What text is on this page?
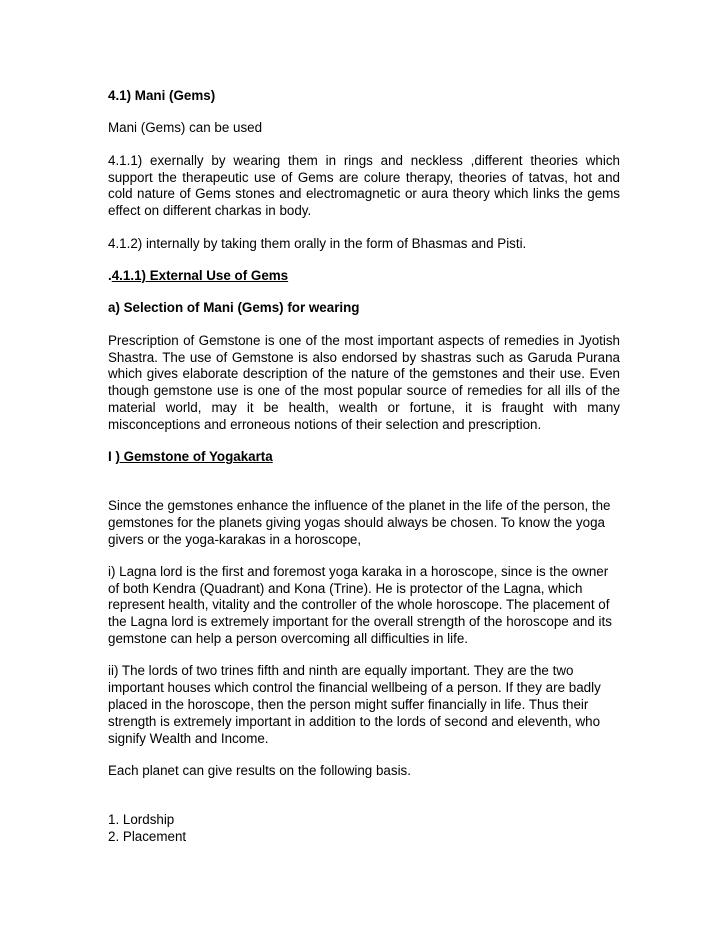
4.1) Mani (Gems)

Mani (Gems) can be used

4.1.1) exernally by wearing them in rings and neckless ,different theories which support the therapeutic use of Gems are colure therapy, theories of tatvas, hot and cold nature of Gems stones and electromagnetic or aura theory which links the gems effect on different charkas in body.

4.1.2) internally by taking them orally in the form of Bhasmas and Pisti.

.4.1.1) External Use of Gems

a) Selection of Mani (Gems) for wearing

Prescription of Gemstone is one of the most important aspects of remedies in Jyotish Shastra. The use of Gemstone is also endorsed by shastras such as Garuda Purana which gives elaborate description of the nature of the gemstones and their use. Even though gemstone use is one of the most popular source of remedies for all ills of the material world, may it be health, wealth or fortune, it is fraught with many misconceptions and erroneous notions of their selection and prescription.

I ) Gemstone of Yogakarta

Since the gemstones enhance the influence of the planet in the life of the person, the gemstones for the planets giving yogas should always be chosen. To know the yoga givers or the yoga-karakas in a horoscope,

i) Lagna lord is the first and foremost yoga karaka in a horoscope, since is the owner of both Kendra (Quadrant) and Kona (Trine). He is protector of the Lagna, which represent health, vitality and the controller of the whole horoscope. The placement of the Lagna lord is extremely important for the overall strength of the horoscope and its gemstone can help a person overcoming all difficulties in life.

ii) The lords of two trines fifth and ninth are equally important. They are the two important houses which control the financial wellbeing of a person. If they are badly placed in the horoscope, then the person might suffer financially in life. Thus their strength is extremely important in addition to the lords of second and eleventh, who signify Wealth and Income.

Each planet can give results on the following basis.

1. Lordship

2. Placement
